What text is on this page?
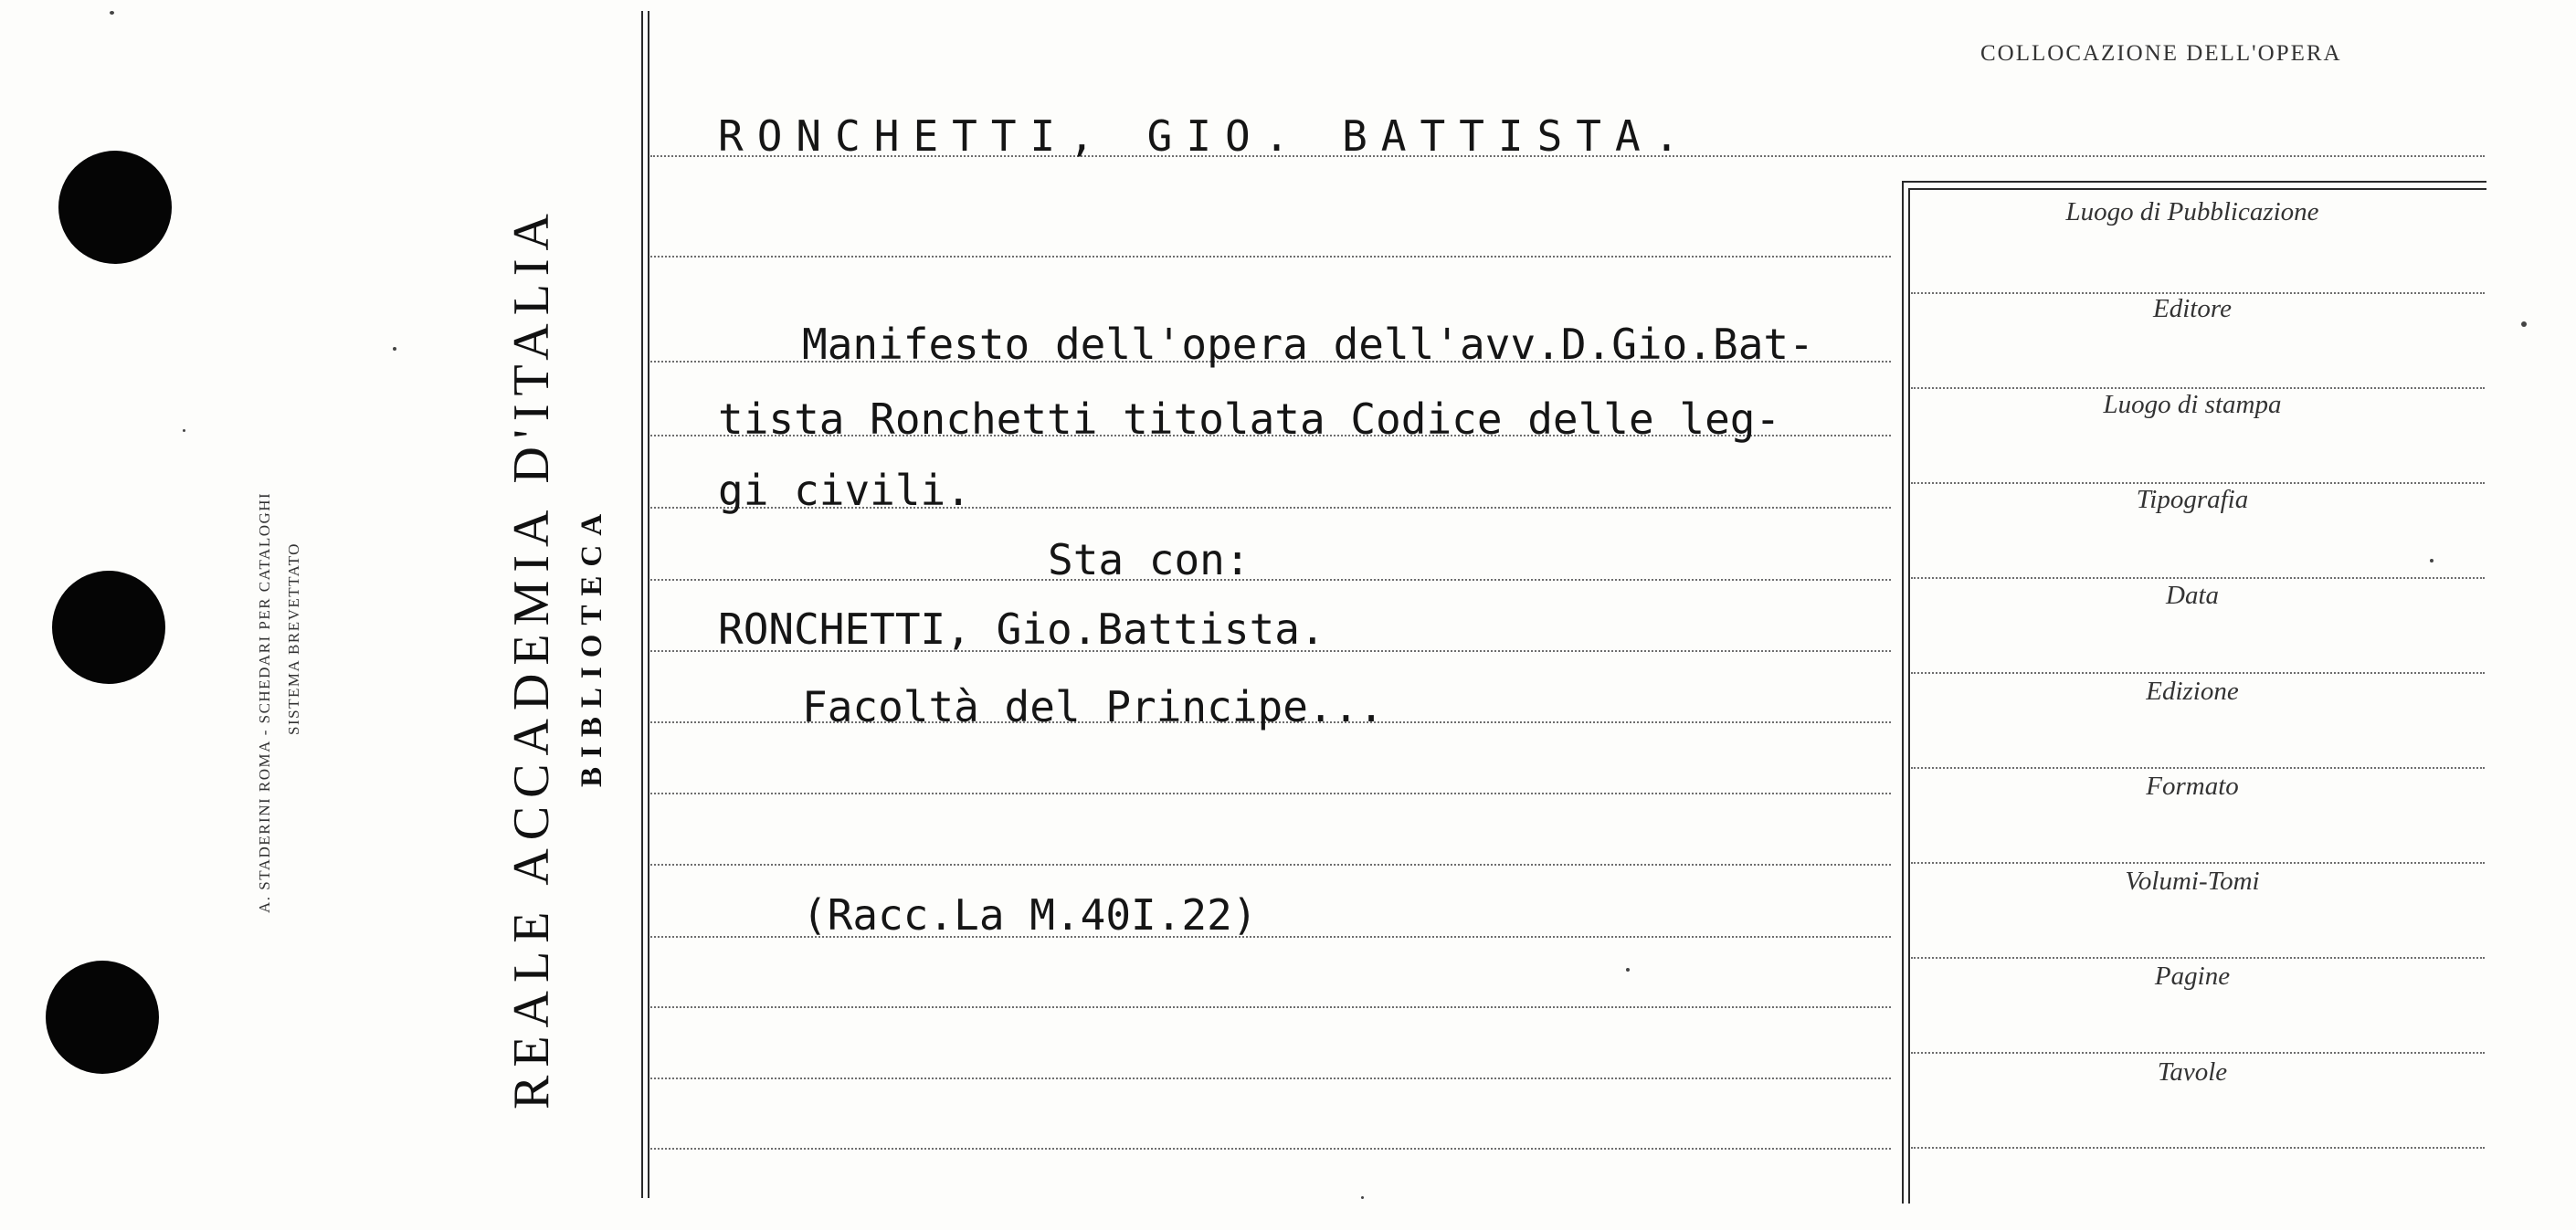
A. STADERINI ROMA - SCHEDARI PER CATALOGHI SISTEMA BREVETTATO	REALE ACCADEMIA D'ITALIA BIBLIOTECA
COLLOCAZIONE DELL'OPERA
RONCHETTI, GIO. BATTISTA.
Manifesto dell'opera dell'avv.D.Gio.Bat-
tista Ronchetti titolata Codice delle leg-
gi civili.
Sta con:
RONCHETTI, Gio.Battista.
Facoltà del Principe...
(Racc.La M.40I.22)
Luogo di Pubblicazione
Editore
Luogo di stampa
Tipografia
Data
Edizione
Formato
Volumi-Tomi
Pagine
Tavole
